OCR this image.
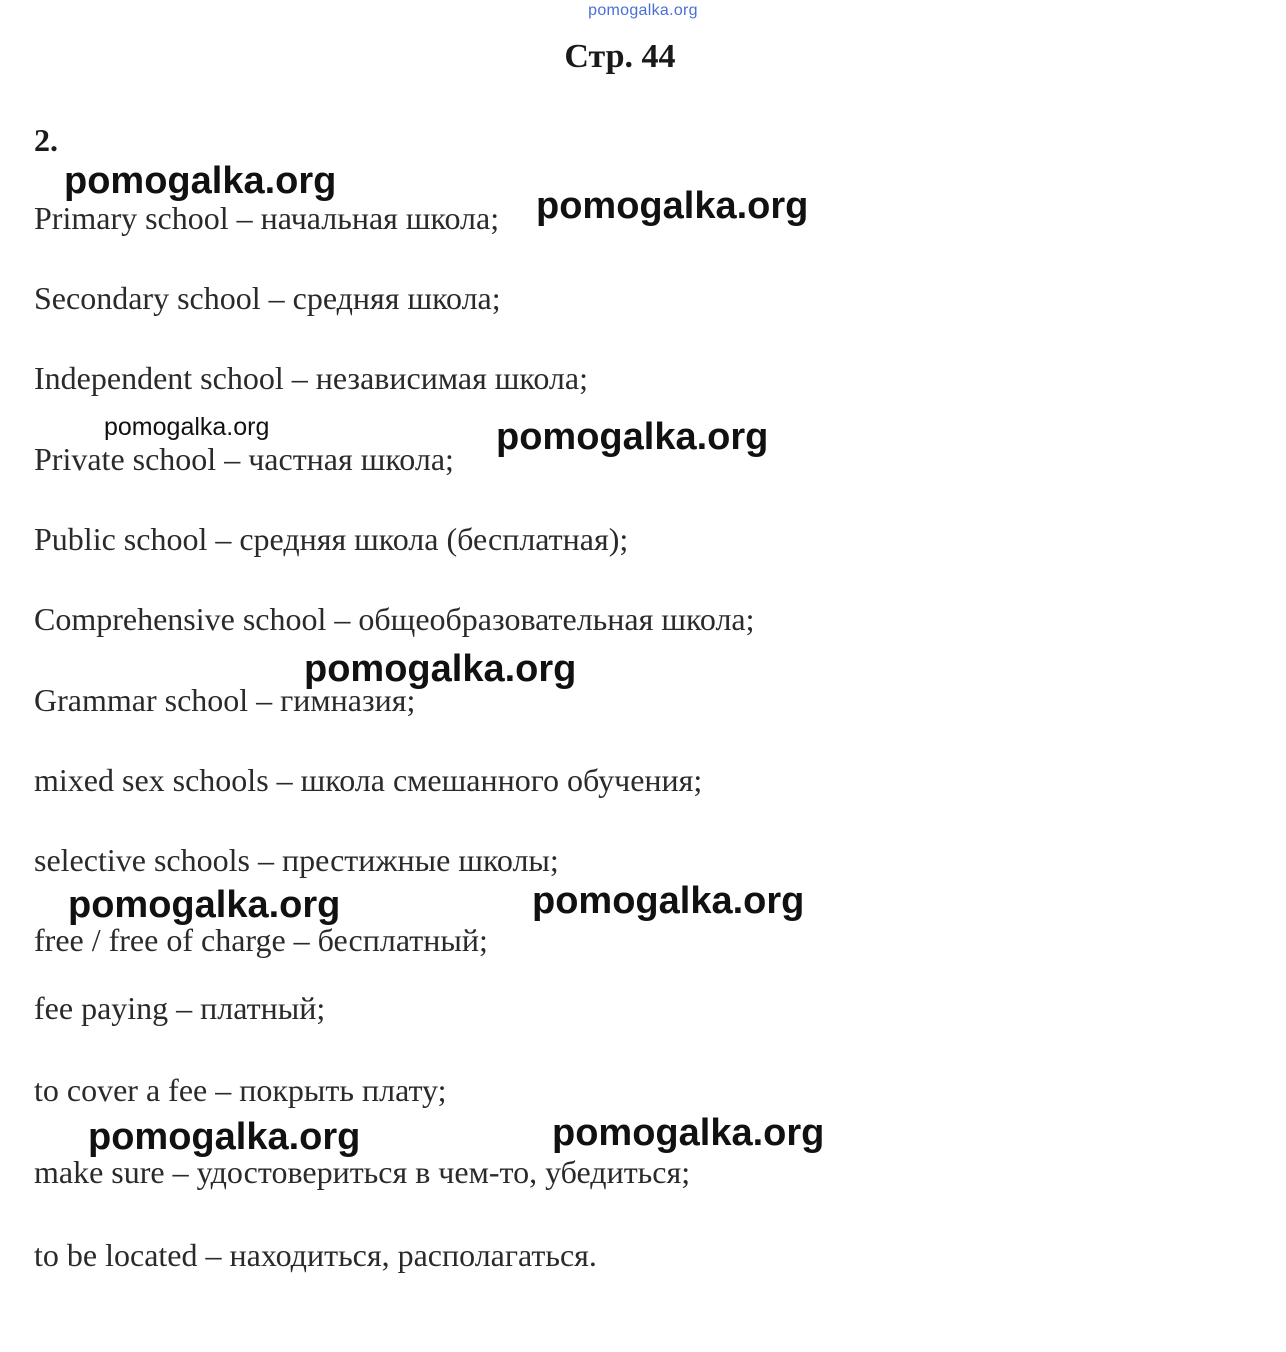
pomogalka.org
Стр. 44
2.
Primary school – начальная школа;
Secondary school – средняя школа;
Independent school – независимая школа;
Private school – частная школа;
Public school – средняя школа (бесплатная);
Comprehensive school – общеобразовательная школа;
Grammar school – гимназия;
mixed sex schools – школа смешанного обучения;
selective schools – престижные школы;
free / free of charge – бесплатный;
fee paying – платный;
to cover a fee – покрыть плату;
make sure – удостовериться в чем-то, убедиться;
to be located – находиться, располагаться.
pomogalka.org
pomogalka.org
pomogalka.org	pomogalka.org
pomogalka.org
pomogalka.org	pomogalka.org
pomogalka.org	pomogalka.org
